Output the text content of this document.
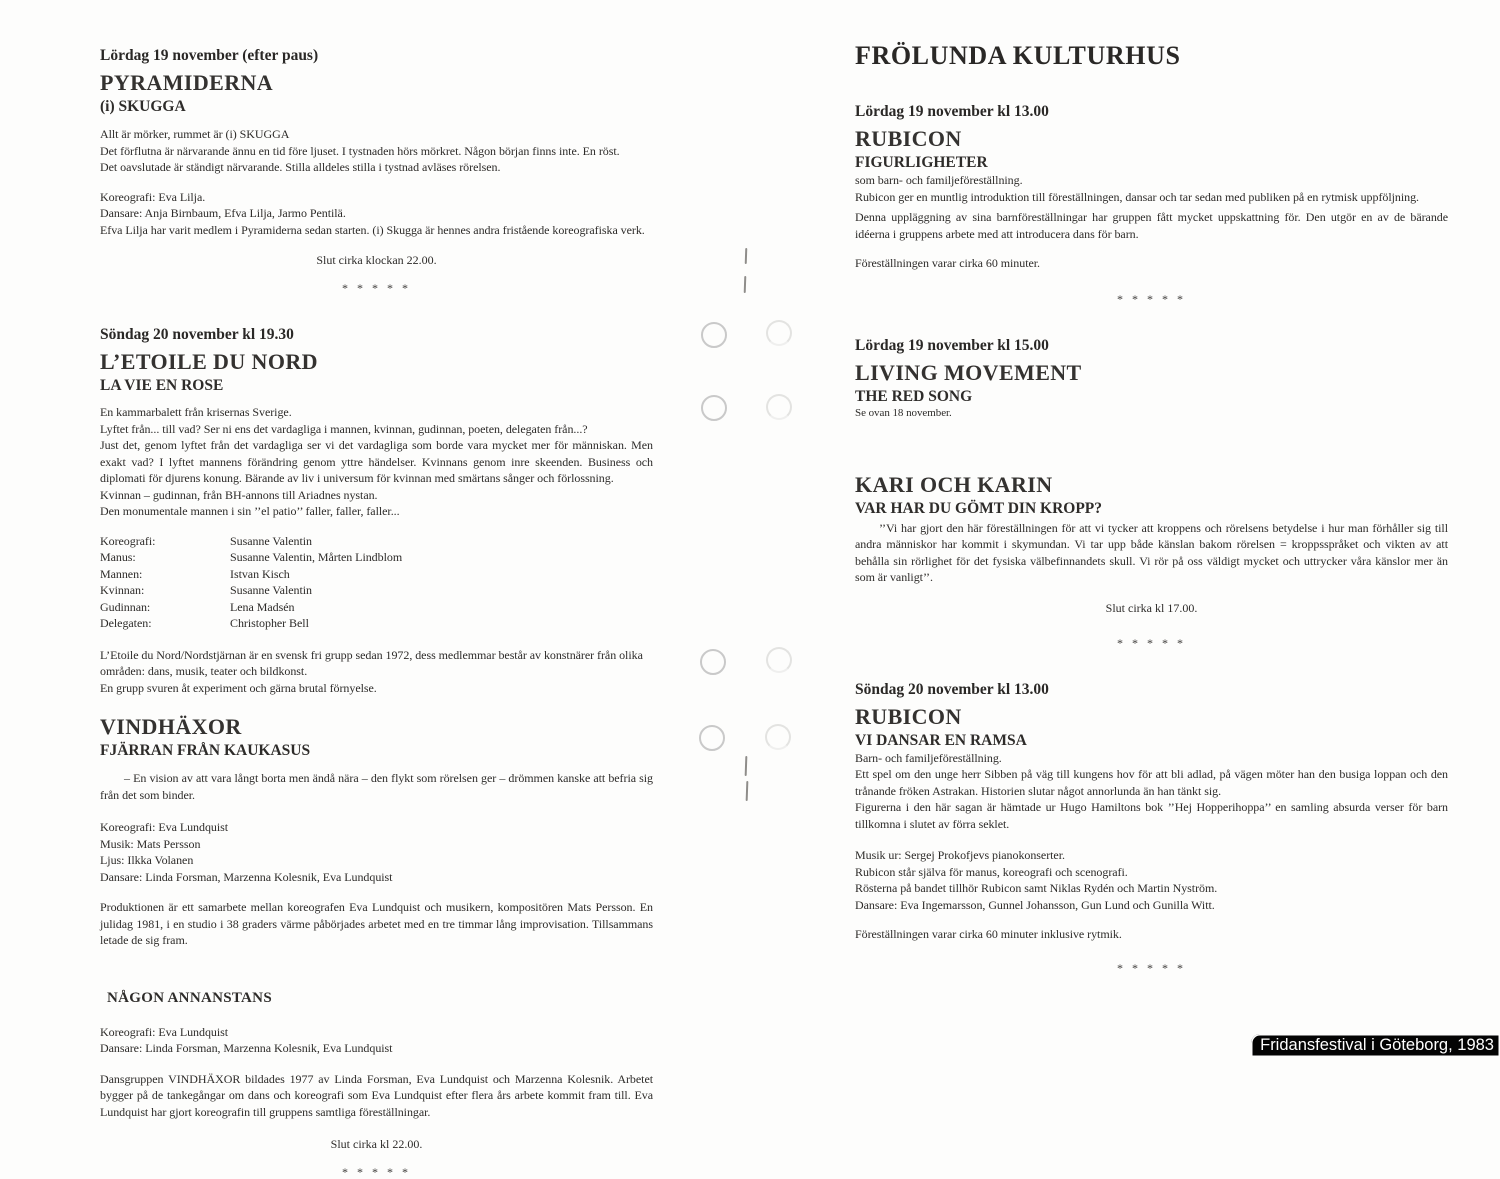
Lördag 19 november (efter paus)
PYRAMIDERNA
(i) SKUGGA
Allt är mörker, rummet är (i) SKUGGA
Det förflutna är närvarande ännu en tid före ljuset. I tystnaden hörs mörkret. Någon början finns inte. En röst.
Det oavslutade är ständigt närvarande. Stilla alldeles stilla i tystnad avläses rörelsen.
Koreografi: Eva Lilja.
Dansare: Anja Birnbaum, Efva Lilja, Jarmo Pentilä.
Efva Lilja har varit medlem i Pyramiderna sedan starten. (i) Skugga är hennes andra fristående koreografiska verk.
Slut cirka klockan 22.00.
* * * * *
Söndag 20 november kl 19.30
L’ETOILE DU NORD
LA VIE EN ROSE
En kammarbalett från krisernas Sverige.
Lyftet från... till vad? Ser ni ens det vardagliga i mannen, kvinnan, gudinnan, poeten, delegaten från...?
Just det, genom lyftet från det vardagliga ser vi det vardagliga som borde vara mycket mer för människan. Men exakt vad? I lyftet mannens förändring genom yttre händelser. Kvinnans genom inre skeenden. Business och diplomati för djurens konung. Bärande av liv i universum för kvinnan med smärtans sånger och förlossning.
Kvinnan – gudinnan, från BH-annons till Ariadnes nystan.
Den monumentale mannen i sin ’’el patio’’ faller, faller, faller...
Koreografi:	Susanne Valentin
Manus:	Susanne Valentin, Mårten Lindblom
Mannen:	Istvan Kisch
Kvinnan:	Susanne Valentin
Gudinnan:	Lena Madsén
Delegaten:	Christopher Bell
L’Etoile du Nord/Nordstjärnan är en svensk fri grupp sedan 1972, dess medlemmar består av konstnärer från olika områden: dans, musik, teater och bildkonst.
En grupp svuren åt experiment och gärna brutal förnyelse.
VINDHÄXOR
FJÄRRAN FRÅN KAUKASUS
– En vision av att vara långt borta men ändå nära – den flykt som rörelsen ger – drömmen kanske att befria sig från det som binder.
Koreografi: Eva Lundquist
Musik: Mats Persson
Ljus: Ilkka Volanen
Dansare: Linda Forsman, Marzenna Kolesnik, Eva Lundquist
Produktionen är ett samarbete mellan koreografen Eva Lundquist och musikern, kompositören Mats Persson. En julidag 1981, i en studio i 38 graders värme påbörjades arbetet med en tre timmar lång improvisation. Tillsammans letade de sig fram.
NÅGON ANNANSTANS
Koreografi: Eva Lundquist
Dansare: Linda Forsman, Marzenna Kolesnik, Eva Lundquist
Dansgruppen VINDHÄXOR bildades 1977 av Linda Forsman, Eva Lundquist och Marzenna Kolesnik. Arbetet bygger på de tankegångar om dans och koreografi som Eva Lundquist efter flera års arbete kommit fram till. Eva Lundquist har gjort koreografin till gruppens samtliga föreställningar.
Slut cirka kl 22.00.
* * * * *
FRÖLUNDA KULTURHUS
Lördag 19 november kl 13.00
RUBICON
FIGURLIGHETER
som barn- och familjeföreställning.
Rubicon ger en muntlig introduktion till föreställningen, dansar och tar sedan med publiken på en rytmisk uppföljning.
Denna uppläggning av sina barnföreställningar har gruppen fått mycket uppskattning för. Den utgör en av de bärande idéerna i gruppens arbete med att introducera dans för barn.
Föreställningen varar cirka 60 minuter.
* * * * *
Lördag 19 november kl 15.00
LIVING MOVEMENT
THE RED SONG
Se ovan 18 november.
KARI OCH KARIN
VAR HAR DU GÖMT DIN KROPP?
’’Vi har gjort den här föreställningen för att vi tycker att kroppens och rörelsens betydelse i hur man förhåller sig till andra människor har kommit i skymundan. Vi tar upp både känslan bakom rörelsen = kroppsspråket och vikten av att behålla sin rörlighet för det fysiska välbefinnandets skull. Vi rör på oss väldigt mycket och uttrycker våra känslor mer än som är vanligt’’.
Slut cirka kl 17.00.
* * * * *
Söndag 20 november kl 13.00
RUBICON
VI DANSAR EN RAMSA
Barn- och familjeföreställning.
Ett spel om den unge herr Sibben på väg till kungens hov för att bli adlad, på vägen möter han den busiga loppan och den trånande fröken Astrakan. Historien slutar något annorlunda än han tänkt sig.
Figurerna i den här sagan är hämtade ur Hugo Hamiltons bok ’’Hej Hopperihoppa’’ en samling absurda verser för barn tillkomna i slutet av förra seklet.
Musik ur: Sergej Prokofjevs pianokonserter.
Rubicon står själva för manus, koreografi och scenografi.
Rösterna på bandet tillhör Rubicon samt Niklas Rydén och Martin Nyström.
Dansare: Eva Ingemarsson, Gunnel Johansson, Gun Lund och Gunilla Witt.
Föreställningen varar cirka 60 minuter inklusive rytmik.
* * * * *
Fridansfestival i Göteborg, 1983
